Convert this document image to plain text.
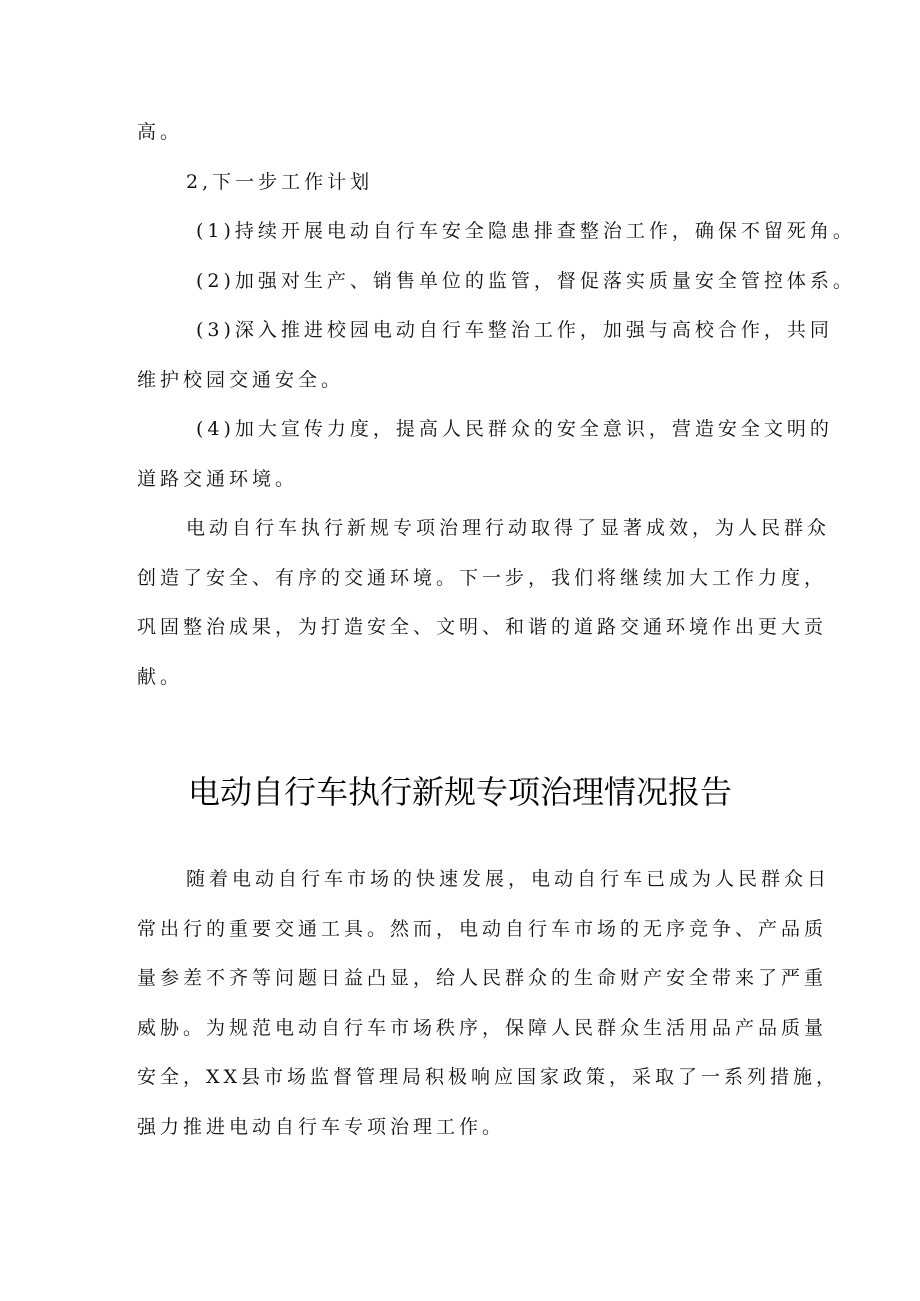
高。
2,下一步工作计划
(1)持续开展电动自行车安全隐患排查整治工作，确保不留死角。
(2)加强对生产、销售单位的监管，督促落实质量安全管控体系。
(3)深入推进校园电动自行车整治工作，加强与高校合作，共同
维护校园交通安全。
(4)加大宣传力度，提高人民群众的安全意识，营造安全文明的
道路交通环境。
电动自行车执行新规专项治理行动取得了显著成效，为人民群众
创造了安全、有序的交通环境。下一步，我们将继续加大工作力度，
巩固整治成果，为打造安全、文明、和谐的道路交通环境作出更大贡
献。
电动自行车执行新规专项治理情况报告
随着电动自行车市场的快速发展，电动自行车已成为人民群众日
常出行的重要交通工具。然而，电动自行车市场的无序竞争、产品质
量参差不齐等问题日益凸显，给人民群众的生命财产安全带来了严重
威胁。为规范电动自行车市场秩序，保障人民群众生活用品产品质量
安全，XX县市场监督管理局积极响应国家政策，采取了一系列措施，
强力推进电动自行车专项治理工作。
